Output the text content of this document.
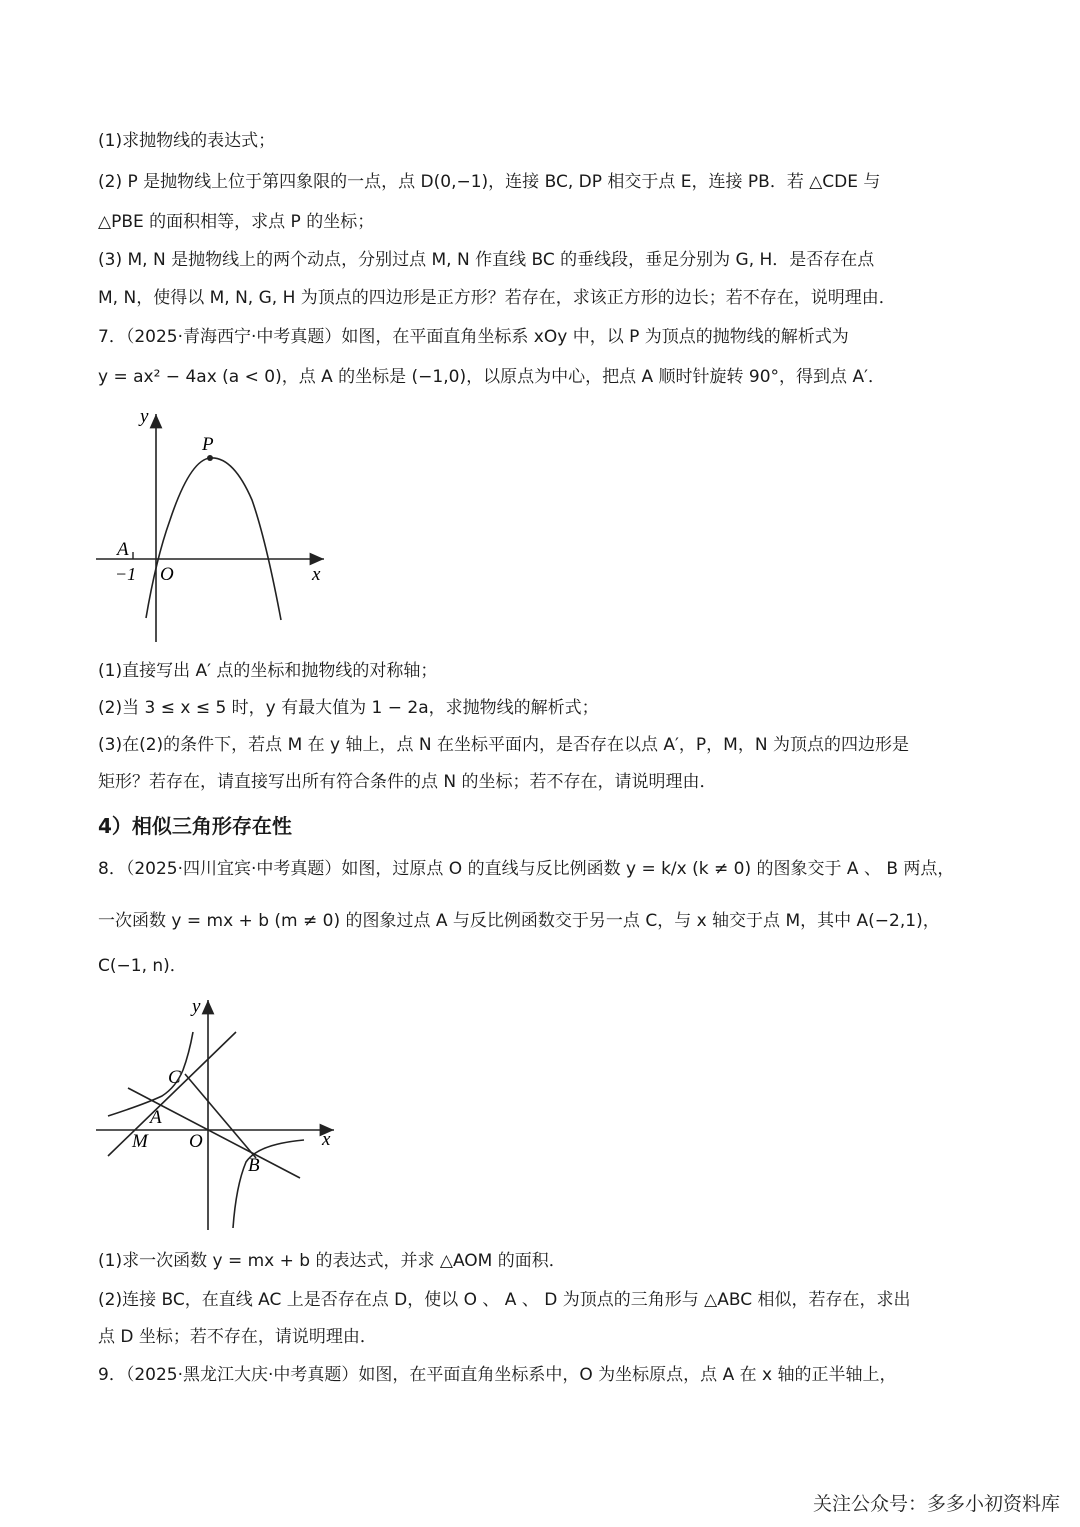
(1)求抛物线的表达式；
(2) P 是抛物线上位于第四象限的一点，点 D(0,−1)，连接 BC, DP 相交于点 E，连接 PB．若 △CDE 与
△PBE 的面积相等，求点 P 的坐标；
(3) M, N 是抛物线上的两个动点，分别过点 M, N 作直线 BC 的垂线段，垂足分别为 G, H．是否存在点
M, N，使得以 M, N, G, H 为顶点的四边形是正方形？若存在，求该正方形的边长；若不存在，说明理由．
7．（2025·青海西宁·中考真题）如图，在平面直角坐标系 xOy 中，以 P 为顶点的抛物线的解析式为
y = ax² − 4ax (a < 0)，点 A 的坐标是 (−1,0)，以原点为中心，把点 A 顺时针旋转 90°，得到点 A′．
y
P
A
−1 O	x
(1)直接写出 A′ 点的坐标和抛物线的对称轴；
(2)当 3 ≤ x ≤ 5 时，y 有最大值为 1 − 2a，求抛物线的解析式；
(3)在(2)的条件下，若点 M 在 y 轴上，点 N 在坐标平面内，是否存在以点 A′，P，M，N 为顶点的四边形是
矩形？若存在，请直接写出所有符合条件的点 N 的坐标；若不存在，请说明理由．
4）相似三角形存在性
8．（2025·四川宜宾·中考真题）如图，过原点 O 的直线与反比例函数 y = k/x (k ≠ 0) 的图象交于 A 、 B 两点，
一次函数 y = mx + b (m ≠ 0) 的图象过点 A 与反比例函数交于另一点 C，与 x 轴交于点 M，其中 A(−2,1)，
C(−1, n)．
y
C
A
M O
B
x
(1)求一次函数 y = mx + b 的表达式，并求 △AOM 的面积．
(2)连接 BC，在直线 AC 上是否存在点 D，使以 O 、 A 、 D 为顶点的三角形与 △ABC 相似，若存在，求出
点 D 坐标；若不存在，请说明理由．
9．（2025·黑龙江大庆·中考真题）如图，在平面直角坐标系中，O 为坐标原点，点 A 在 x 轴的正半轴上，
关注公众号：多多小初资料库
